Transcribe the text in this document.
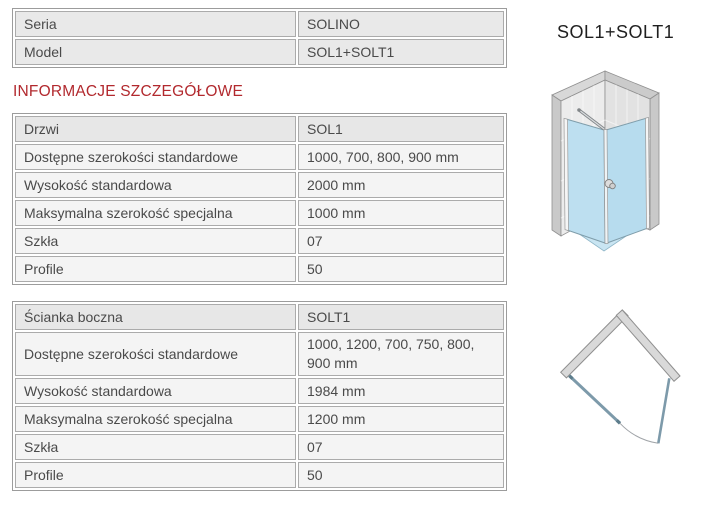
Seria	SOLINO
Model	SOL1+SOLT1
INFORMACJE SZCZEGÓŁOWE
Drzwi	SOL1
Dostępne szerokości standardowe	1000, 700, 800, 900 mm
Wysokość standardowa	2000 mm
Maksymalna szerokość specjalna	1000 mm
Szkła	07
Profile	50
Ścianka boczna	SOLT1
Dostępne szerokości standardowe	1000, 1200, 700, 750, 800, 900 mm
Wysokość standardowa	1984 mm
Maksymalna szerokość specjalna	1200 mm
Szkła	07
Profile	50
SOL1+SOLT1
